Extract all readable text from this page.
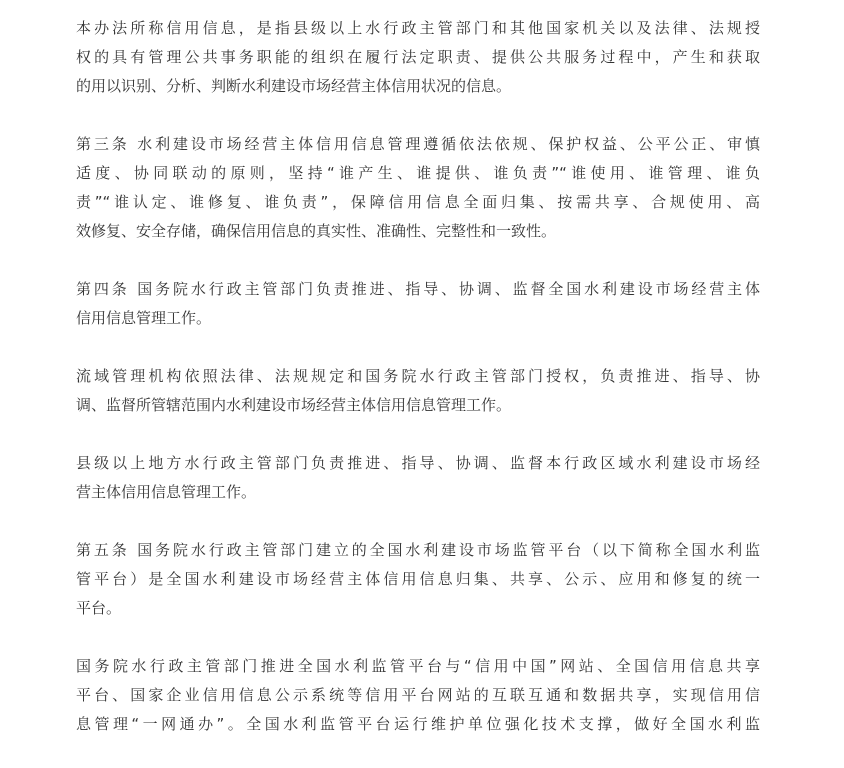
本办法所称信用信息，是指县级以上水行政主管部门和其他国家机关以及法律、法规授
权的具有管理公共事务职能的组织在履行法定职责、提供公共服务过程中，产生和获取
的用以识别、分析、判断水利建设市场经营主体信用状况的信息。

第三条 水利建设市场经营主体信用信息管理遵循依法依规、保护权益、公平公正、审慎
适度、协同联动的原则，坚持“谁产生、谁提供、谁负责”“谁使用、谁管理、谁负
责”“谁认定、谁修复、谁负责”，保障信用信息全面归集、按需共享、合规使用、高
效修复、安全存储，确保信用信息的真实性、准确性、完整性和一致性。

第四条 国务院水行政主管部门负责推进、指导、协调、监督全国水利建设市场经营主体
信用信息管理工作。

流域管理机构依照法律、法规规定和国务院水行政主管部门授权，负责推进、指导、协
调、监督所管辖范围内水利建设市场经营主体信用信息管理工作。

县级以上地方水行政主管部门负责推进、指导、协调、监督本行政区域水利建设市场经
营主体信用信息管理工作。

第五条 国务院水行政主管部门建立的全国水利建设市场监管平台（以下简称全国水利监
管平台）是全国水利建设市场经营主体信用信息归集、共享、公示、应用和修复的统一
平台。

国务院水行政主管部门推进全国水利监管平台与“信用中国”网站、全国信用信息共享
平台、国家企业信用信息公示系统等信用平台网站的互联互通和数据共享，实现信用信
息管理“一网通办”。全国水利监管平台运行维护单位强化技术支撑，做好全国水利监
